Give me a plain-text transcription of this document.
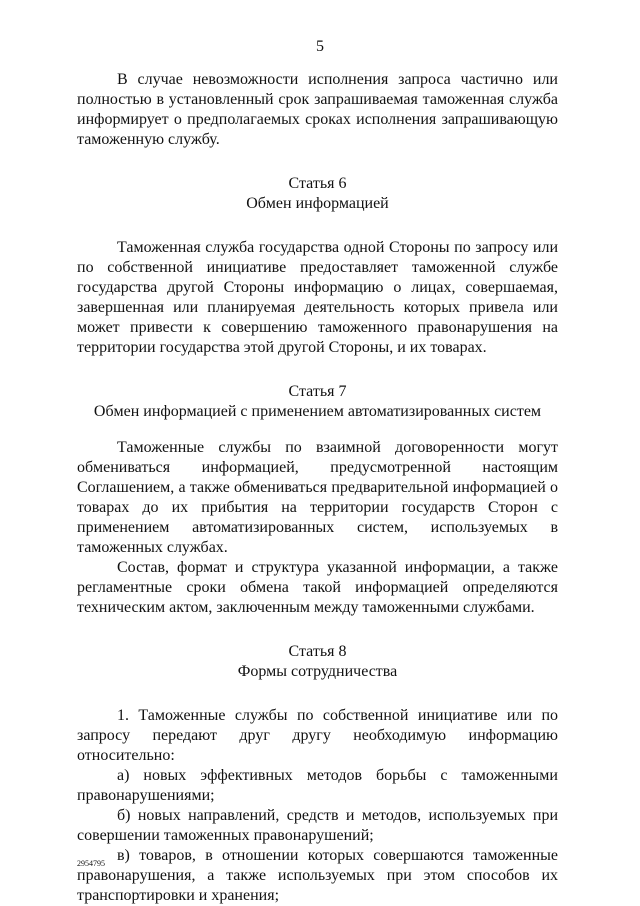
5

В случае невозможности исполнения запроса частично или полностью в установленный срок запрашиваемая таможенная служба информирует о предполагаемых сроках исполнения запрашивающую таможенную службу.

Статья 6
Обмен информацией

Таможенная служба государства одной Стороны по запросу или по собственной инициативе предоставляет таможенной службе государства другой Стороны информацию о лицах, совершаемая, завершенная или планируемая деятельность которых привела или может привести к совершению таможенного правонарушения на территории государства этой другой Стороны, и их товарах.

Статья 7
Обмен информацией с применением автоматизированных систем

Таможенные службы по взаимной договоренности могут обмениваться информацией, предусмотренной настоящим Соглашением, а также обмениваться предварительной информацией о товарах до их прибытия на территории государств Сторон с применением автоматизированных систем, используемых в таможенных службах.

Состав, формат и структура указанной информации, а также регламентные сроки обмена такой информацией определяются техническим актом, заключенным между таможенными службами.

Статья 8
Формы сотрудничества

1. Таможенные службы по собственной инициативе или по запросу передают друг другу необходимую информацию относительно:

а) новых эффективных методов борьбы с таможенными правонарушениями;

б) новых направлений, средств и методов, используемых при совершении таможенных правонарушений;

в) товаров, в отношении которых совершаются таможенные правонарушения, а также используемых при этом способов их транспортировки и хранения;

2954795
